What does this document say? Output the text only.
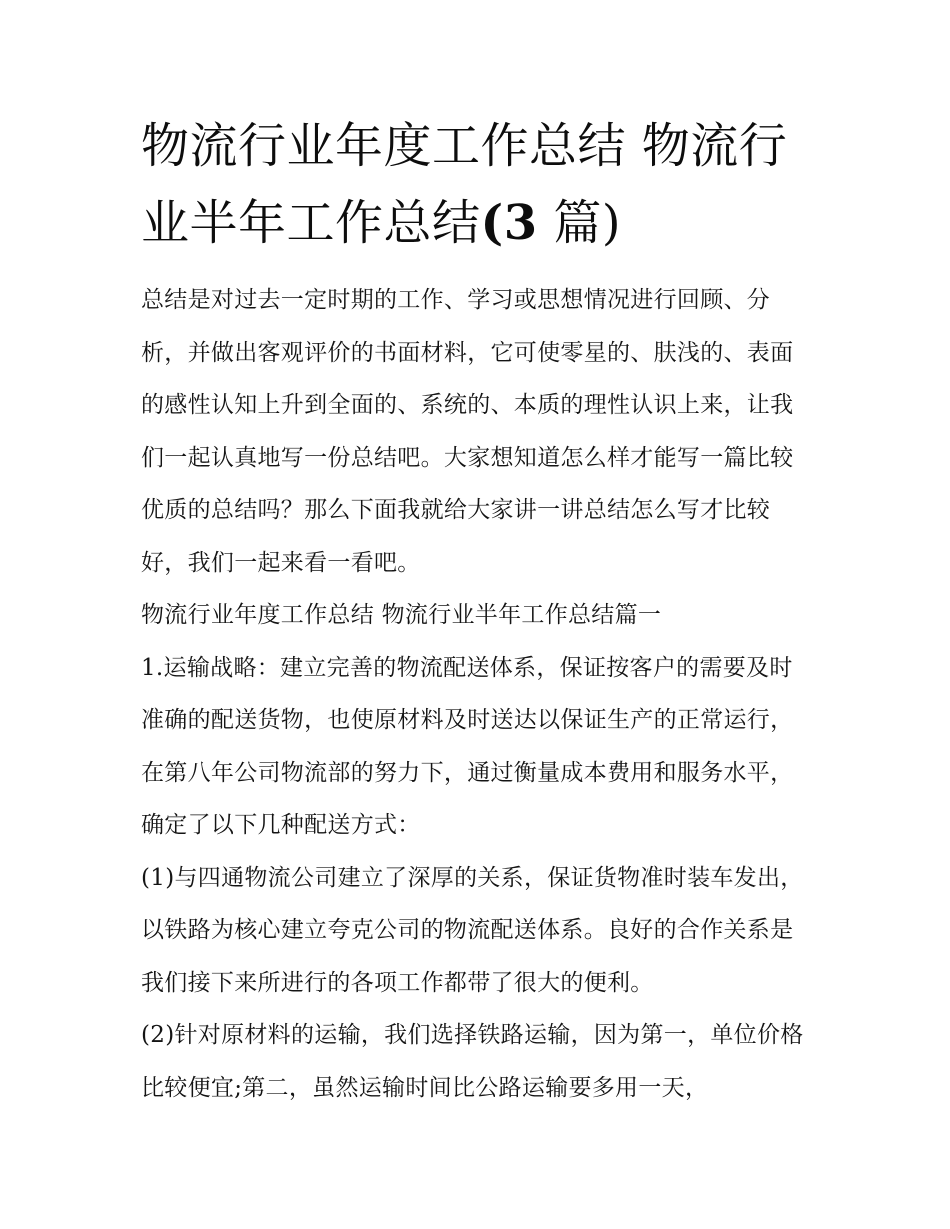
物流行业年度工作总结 物流行业半年工作总结(3 篇)

总结是对过去一定时期的工作、学习或思想情况进行回顾、分析，并做出客观评价的书面材料，它可使零星的、肤浅的、表面的感性认知上升到全面的、系统的、本质的理性认识上来，让我们一起认真地写一份总结吧。大家想知道怎么样才能写一篇比较优质的总结吗？那么下面我就给大家讲一讲总结怎么写才比较好，我们一起来看一看吧。

物流行业年度工作总结 物流行业半年工作总结篇一

1.运输战略：建立完善的物流配送体系，保证按客户的需要及时准确的配送货物，也使原材料及时送达以保证生产的正常运行，在第八年公司物流部的努力下，通过衡量成本费用和服务水平，确定了以下几种配送方式：

(1)与四通物流公司建立了深厚的关系，保证货物准时装车发出，以铁路为核心建立夸克公司的物流配送体系。良好的合作关系是我们接下来所进行的各项工作都带了很大的便利。

(2)针对原材料的运输，我们选择铁路运输，因为第一，单位价格比较便宜;第二，虽然运输时间比公路运输要多用一天，
